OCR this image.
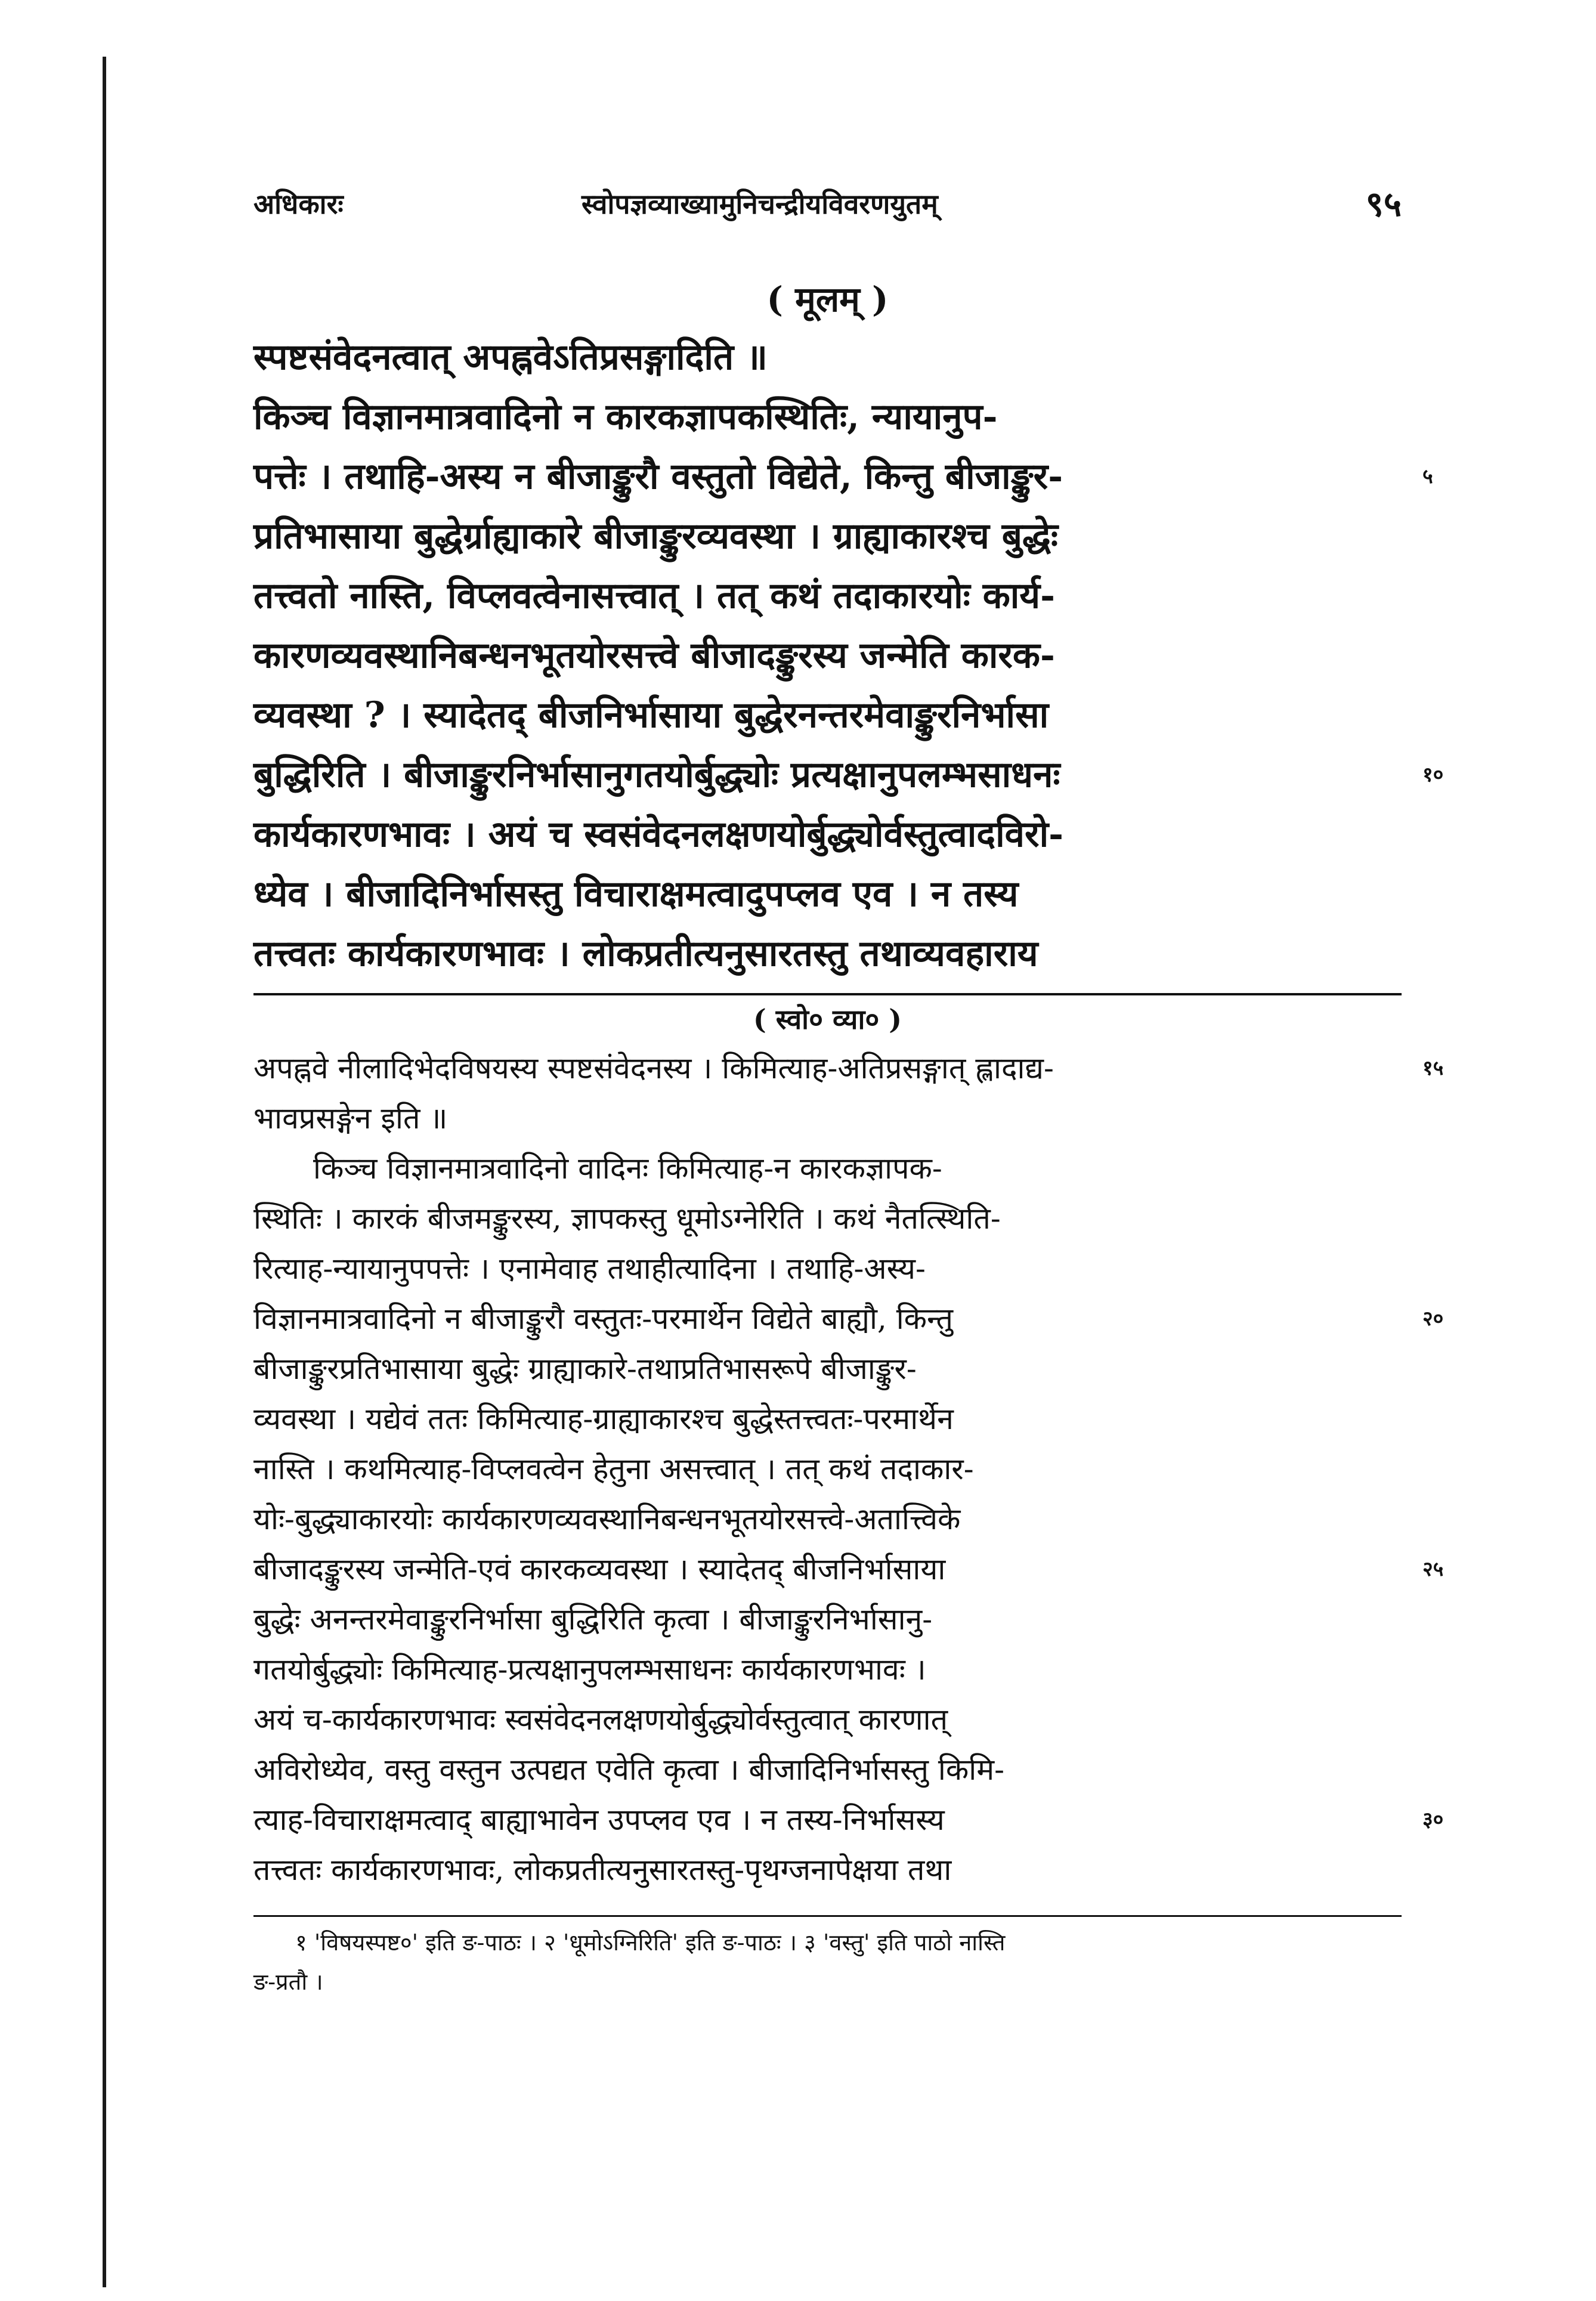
अधिकारः	स्वोपज्ञव्याख्यामुनिचन्द्रीयविवरणयुतम्	९५
( मूलम् )
स्पष्टसंवेदनत्वात् अपह्नवेऽतिप्रसङ्गादिति ॥
किञ्च विज्ञानमात्रवादिनो न कारकज्ञापकस्थितिः, न्यायानुप-
पत्तेः । तथाहि-अस्य न बीजाङ्कुरौ वस्तुतो विद्येते, किन्तु बीजाङ्कुर-	५
प्रतिभासाया बुद्धेर्ग्राह्याकारे बीजाङ्कुरव्यवस्था । ग्राह्याकारश्च बुद्धेः
तत्त्वतो नास्ति, विप्लवत्वेनासत्त्वात् । तत् कथं तदाकारयोः कार्य-
कारणव्यवस्थानिबन्धनभूतयोरसत्त्वे बीजादङ्कुरस्य जन्मेति कारक-
व्यवस्था ? । स्यादेतद् बीजनिर्भासाया बुद्धेरनन्तरमेवाङ्कुरनिर्भासा
बुद्धिरिति । बीजाङ्कुरनिर्भासानुगतयोर्बुद्ध्योः प्रत्यक्षानुपलम्भसाधनः	१०
कार्यकारणभावः । अयं च स्वसंवेदनलक्षणयोर्बुद्ध्योर्वस्तुत्वादविरो-
ध्येव । बीजादिनिर्भासस्तु विचाराक्षमत्वादुपप्लव एव । न तस्य
तत्त्वतः कार्यकारणभावः । लोकप्रतीत्यनुसारतस्तु तथाव्यवहाराय
( स्वो० व्या० )
अपह्नवे नीलादिभेदविषयस्य स्पष्टसंवेदनस्य । किमित्याह-अतिप्रसङ्गात् ह्लादाद्य-	१५
भावप्रसङ्गेन इति ॥
किञ्च विज्ञानमात्रवादिनो वादिनः किमित्याह-न कारकज्ञापक-
स्थितिः । कारकं बीजमङ्कुरस्य, ज्ञापकस्तु धूमोऽग्नेरिति । कथं नैतत्स्थिति-
रित्याह-न्यायानुपपत्तेः । एनामेवाह तथाहीत्यादिना । तथाहि-अस्य-
विज्ञानमात्रवादिनो न बीजाङ्कुरौ वस्तुतः-परमार्थेन विद्येते बाह्यौ, किन्तु	२०
बीजाङ्कुरप्रतिभासाया बुद्धेः ग्राह्याकारे-तथाप्रतिभासरूपे बीजाङ्कुर-
व्यवस्था । यद्येवं ततः किमित्याह-ग्राह्याकारश्च बुद्धेस्तत्त्वतः-परमार्थेन
नास्ति । कथमित्याह-विप्लवत्वेन हेतुना असत्त्वात् । तत् कथं तदाकार-
योः-बुद्ध्याकारयोः कार्यकारणव्यवस्थानिबन्धनभूतयोरसत्त्वे-अतात्त्विके
बीजादङ्कुरस्य जन्मेति-एवं कारकव्यवस्था । स्यादेतद् बीजनिर्भासाया	२५
बुद्धेः अनन्तरमेवाङ्कुरनिर्भासा बुद्धिरिति कृत्वा । बीजाङ्कुरनिर्भासानु-
गतयोर्बुद्ध्योः किमित्याह-प्रत्यक्षानुपलम्भसाधनः कार्यकारणभावः ।
अयं च-कार्यकारणभावः स्वसंवेदनलक्षणयोर्बुद्ध्योर्वस्तुत्वात् कारणात्
अविरोध्येव, वस्तु वस्तुन उत्पद्यत एवेति कृत्वा । बीजादिनिर्भासस्तु किमि-
त्याह-विचाराक्षमत्वाद् बाह्याभावेन उपप्लव एव । न तस्य-निर्भासस्य	३०
तत्त्वतः कार्यकारणभावः, लोकप्रतीत्यनुसारतस्तु-पृथग्जनापेक्षया तथा
१ 'विषयस्पष्ट०' इति ङ-पाठः । २ 'धूमोऽग्निरिति' इति ङ-पाठः । ३ 'वस्तु' इति पाठो नास्ति
ङ-प्रतौ ।
